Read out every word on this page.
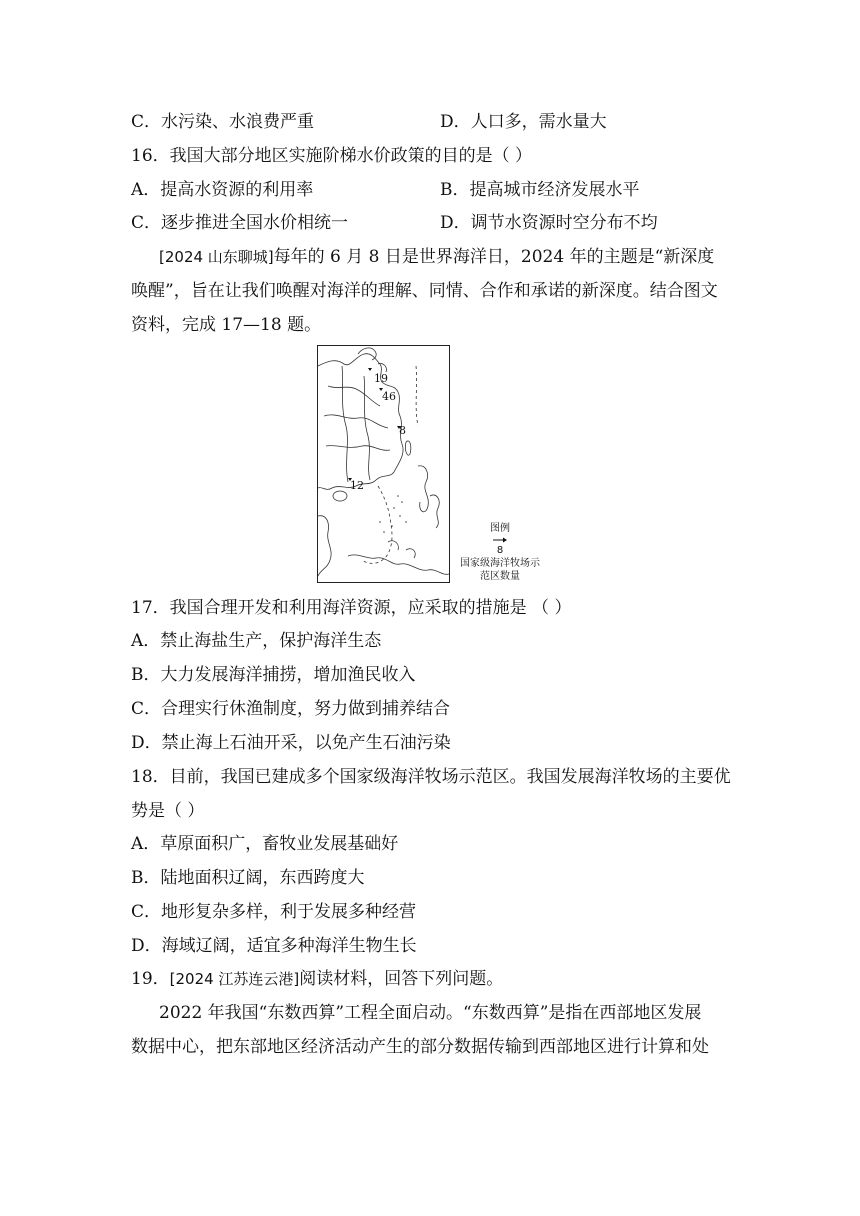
C．水污染、水浪费严重	D．人口多，需水量大
16．我国大部分地区实施阶梯水价政策的目的是（ ）
A．提高水资源的利用率	B．提高城市经济发展水平
C．逐步推进全国水价相统一	D．调节水资源时空分布不均
[2024 山东聊城]每年的 6 月 8 日是世界海洋日，2024 年的主题是“新深度
唤醒”，旨在让我们唤醒对海洋的理解、同情、合作和承诺的新深度。结合图文
资料，完成 17—18 题。
19
46
8
12
图例
8
国家级海洋牧场示
范区数量
17．我国合理开发和利用海洋资源，应采取的措施是 （ ）
A．禁止海盐生产，保护海洋生态
B．大力发展海洋捕捞，增加渔民收入
C．合理实行休渔制度，努力做到捕养结合
D．禁止海上石油开采，以免产生石油污染
18．目前，我国已建成多个国家级海洋牧场示范区。我国发展海洋牧场的主要优
势是（ ）
A．草原面积广，畜牧业发展基础好
B．陆地面积辽阔，东西跨度大
C．地形复杂多样，利于发展多种经营
D．海域辽阔，适宜多种海洋生物生长
19．[2024 江苏连云港]阅读材料，回答下列问题。
2022 年我国“东数西算”工程全面启动。“东数西算”是指在西部地区发展
数据中心，把东部地区经济活动产生的部分数据传输到西部地区进行计算和处
